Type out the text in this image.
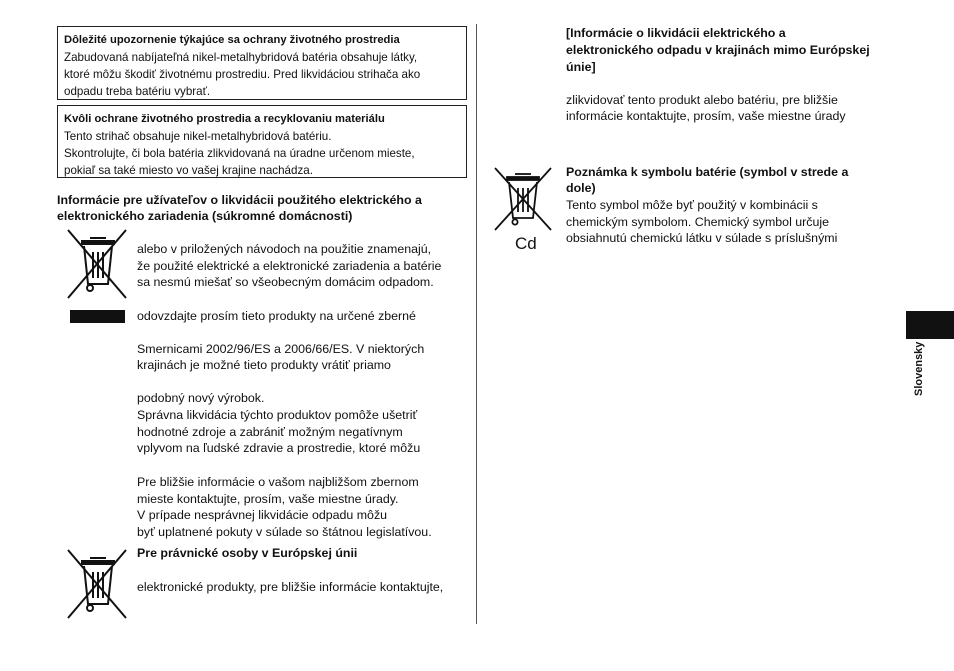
Dôležité upozornenie týkajúce sa ochrany životného prostredia
Zabudovaná nabíjateľná nikel-metalhybridová batéria obsahuje látky,
ktoré môžu škodiť životnému prostrediu. Pred likvidáciou strihača ako
odpadu treba batériu vybrať.
Kvôli ochrane životného prostredia a recyklovaniu materiálu
Tento strihač obsahuje nikel-metalhybridová batériu.
Skontrolujte, či bola batéria zlikvidovaná na úradne určenom mieste,
pokiaľ sa také miesto vo vašej krajine nachádza.
Informácie pre užívateľov o likvidácii použitého elektrického a
elektronického zariadenia (súkromné domácnosti)
alebo v priložených návodoch na použitie znamenajú,
že použité elektrické a elektronické zariadenia a batérie
sa nesmú miešať so všeobecným domácim odpadom.
odovzdajte prosím tieto produkty na určené zberné
Smernicami 2002/96/ES a 2006/66/ES. V niektorých
krajinách je možné tieto produkty vrátiť priamo
podobný nový výrobok.
Správna likvidácia týchto produktov pomôže ušetriť
hodnotné zdroje a zabrániť možným negatívnym
vplyvom na ľudské zdravie a prostredie, ktoré môžu
Pre bližšie informácie o vašom najbližšom zbernom
mieste kontaktujte, prosím, vaše miestne úrady.
V prípade nesprávnej likvidácie odpadu môžu
byť uplatnené pokuty v súlade so štátnou legislatívou.
Pre právnické osoby v Európskej únii
elektronické produkty, pre bližšie informácie kontaktujte,
[Informácie o likvidácii elektrického a
elektronického odpadu v krajinách mimo Európskej
únie]
zlikvidovať tento produkt alebo batériu, pre bližšie
informácie kontaktujte, prosím, vaše miestne úrady
Cd
Poznámka k symbolu batérie (symbol v strede a
dole)
Tento symbol môže byť použitý v kombinácii s
chemickým symbolom. Chemický symbol určuje
obsiahnutú chemickú látku v súlade s príslušnými
Slovensky
